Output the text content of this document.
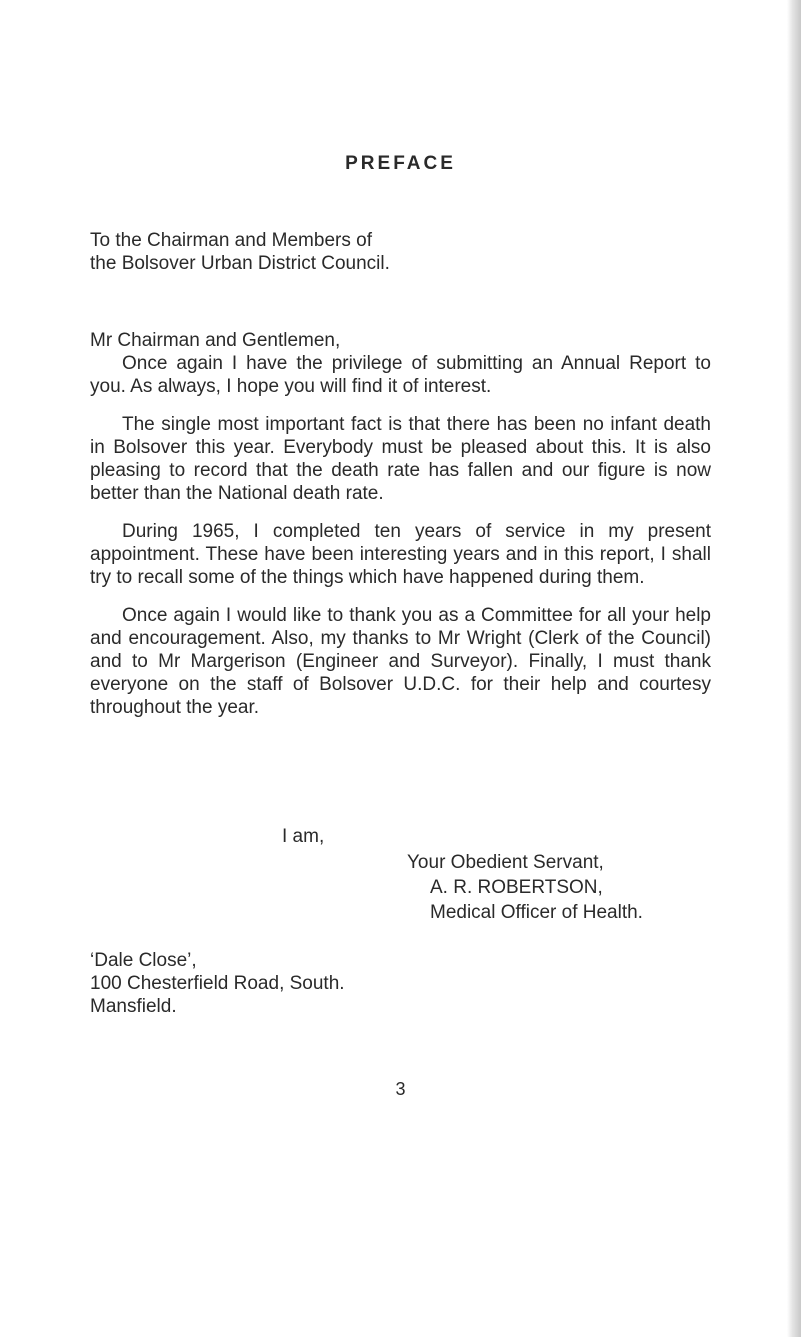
PREFACE

To the Chairman and Members of

the Bolsover Urban District Council.

Mr Chairman and Gentlemen,

Once again I have the privilege of submitting an Annual Report to you. As always, I hope you will find it of interest.

The single most important fact is that there has been no infant death in Bolsover this year. Everybody must be pleased about this. It is also pleasing to record that the death rate has fallen and our figure is now better than the National death rate.

During 1965, I completed ten years of service in my present appointment. These have been interesting years and in this report, I shall try to recall some of the things which have happened during them.

Once again I would like to thank you as a Committee for all your help and encouragement. Also, my thanks to Mr Wright (Clerk of the Council) and to Mr Margerison (Engineer and Surveyor). Finally, I must thank everyone on the staff of Bolsover U.D.C. for their help and courtesy throughout the year.

I am,

Your Obedient Servant,

A. R. ROBERTSON,

Medical Officer of Health.

‘Dale Close’,

100 Chesterfield Road, South.

Mansfield.

3
